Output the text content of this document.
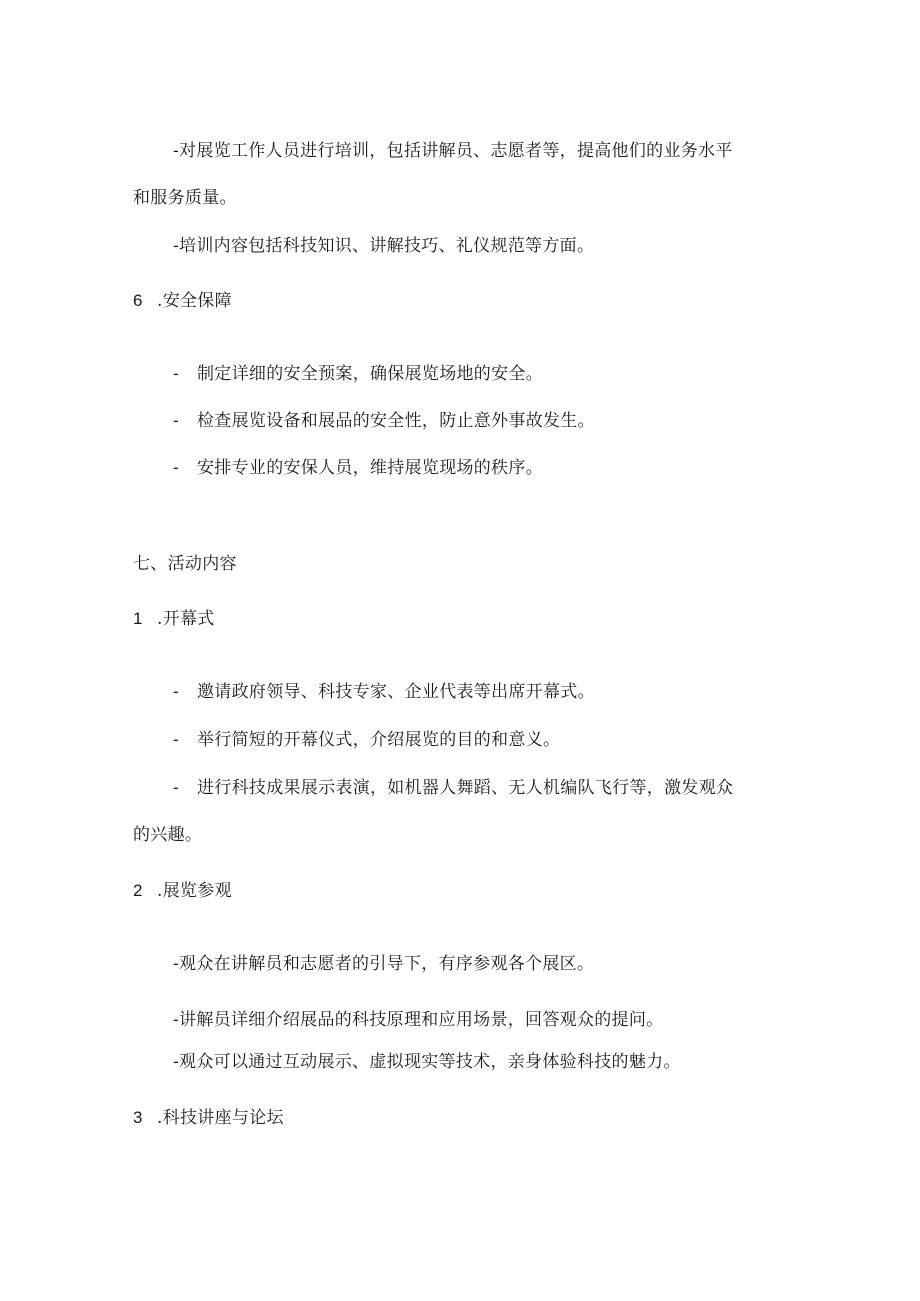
-对展览工作人员进行培训，包括讲解员、志愿者等，提高他们的业务水平
和服务质量。
-培训内容包括科技知识、讲解技巧、礼仪规范等方面。
6 .安全保障
- 制定详细的安全预案，确保展览场地的安全。
- 检查展览设备和展品的安全性，防止意外事故发生。
- 安排专业的安保人员，维持展览现场的秩序。
七、活动内容
1 .开幕式
- 邀请政府领导、科技专家、企业代表等出席开幕式。
- 举行简短的开幕仪式，介绍展览的目的和意义。
- 进行科技成果展示表演，如机器人舞蹈、无人机编队飞行等，激发观众
的兴趣。
2 .展览参观
-观众在讲解员和志愿者的引导下，有序参观各个展区。
-讲解员详细介绍展品的科技原理和应用场景，回答观众的提问。
-观众可以通过互动展示、虚拟现实等技术，亲身体验科技的魅力。
3 .科技讲座与论坛
